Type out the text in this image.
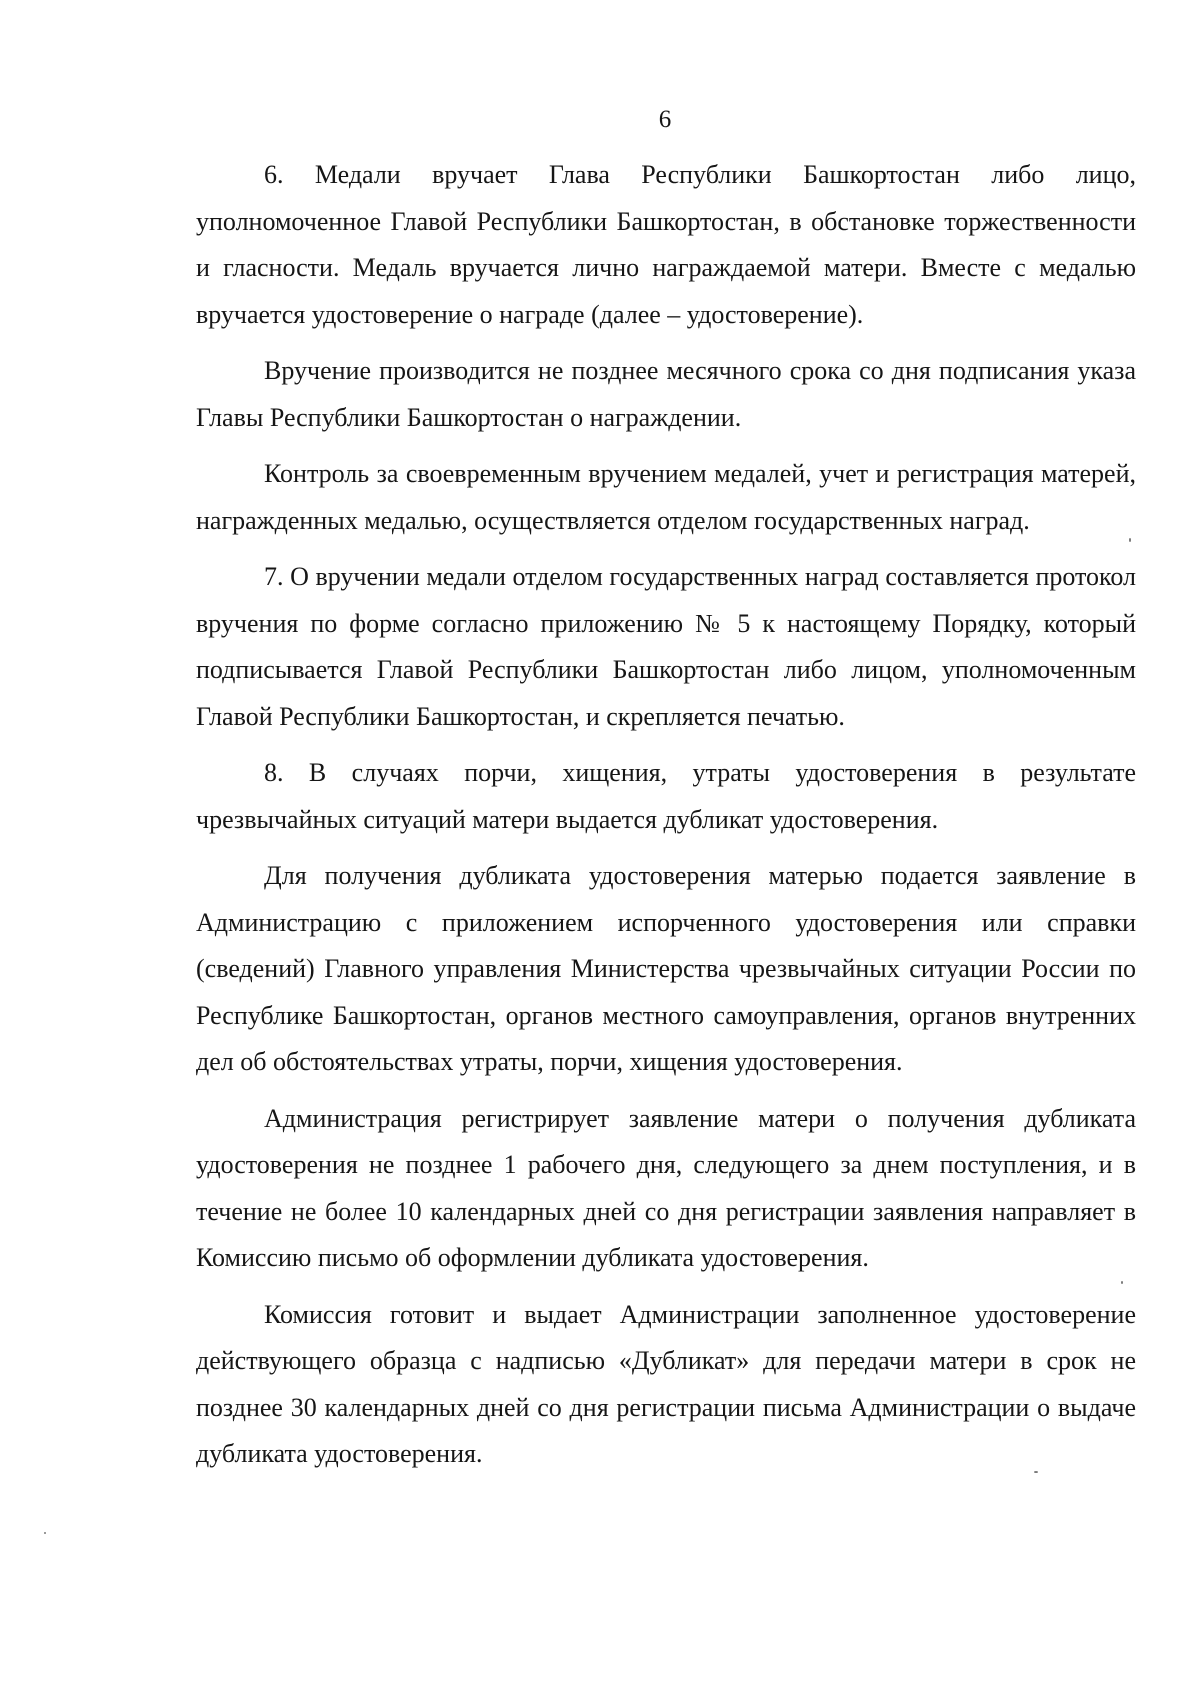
6

6. Медали вручает Глава Республики Башкортостан либо лицо, уполномоченное Главой Республики Башкортостан, в обстановке торжественности и гласности. Медаль вручается лично награждаемой матери. Вместе с медалью вручается удостоверение о награде (далее – удостоверение).

Вручение производится не позднее месячного срока со дня подписания указа Главы Республики Башкортостан о награждении.

Контроль за своевременным вручением медалей, учет и регистрация матерей, награжденных медалью, осуществляется отделом государственных наград.

7. О вручении медали отделом государственных наград составляется протокол вручения по форме согласно приложению № 5 к настоящему Порядку, который подписывается Главой Республики Башкортостан либо лицом, уполномоченным Главой Республики Башкортостан, и скрепляется печатью.

8. В случаях порчи, хищения, утраты удостоверения в результате чрезвычайных ситуаций матери выдается дубликат удостоверения.

Для получения дубликата удостоверения матерью подается заявление в Администрацию с приложением испорченного удостоверения или справки (сведений) Главного управления Министерства чрезвычайных ситуации России по Республике Башкортостан, органов местного самоуправления, органов внутренних дел об обстоятельствах утраты, порчи, хищения удостоверения.

Администрация регистрирует заявление матери о получения дубликата удостоверения не позднее 1 рабочего дня, следующего за днем поступления, и в течение не более 10 календарных дней со дня регистрации заявления направляет в Комиссию письмо об оформлении дубликата удостоверения.

Комиссия готовит и выдает Администрации заполненное удостоверение действующего образца с надписью «Дубликат» для передачи матери в срок не позднее 30 календарных дней со дня регистрации письма Администрации о выдаче дубликата удостоверения.
